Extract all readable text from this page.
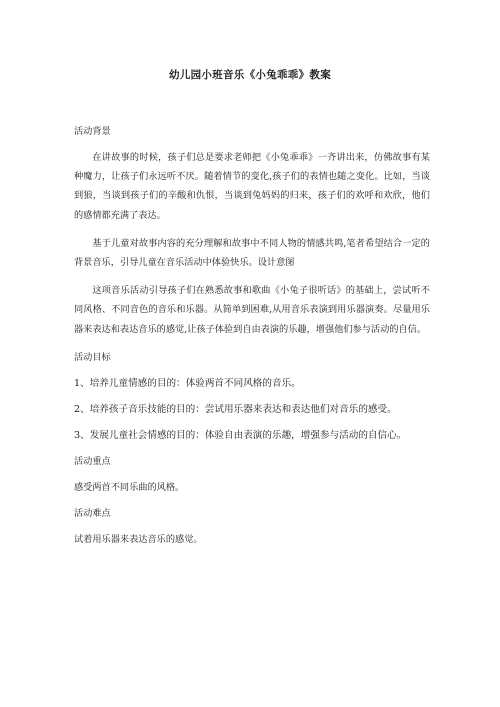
幼儿园小班音乐《小兔乖乖》教案

活动背景

在讲故事的时候，孩子们总是要求老师把《小兔乖乖》一齐讲出来，仿佛故事有某种魔力，让孩子们永远听不厌。随着情节的变化,孩子们的表情也随之变化。比如，当谈到狼，当谈到孩子们的辛酸和仇恨，当谈到兔妈妈的归来，孩子们的欢呼和欢欣，他们的感情都充满了表达。

基于儿童对故事内容的充分理解和故事中不同人物的情感共鸣,笔者希望结合一定的背景音乐，引导儿童在音乐活动中体验快乐。设计意图

这项音乐活动引导孩子们在熟悉故事和歌曲《小兔子很听话》的基础上，尝试听不同风格、不同音色的音乐和乐器。从简单到困难,从用音乐表演到用乐器演奏。尽量用乐器来表达和表达音乐的感觉,让孩子体验到自由表演的乐趣，增强他们参与活动的自信。

活动目标

1、培养儿童情感的目的：体验两首不同风格的音乐。

2、培养孩子音乐技能的目的：尝试用乐器来表达和表达他们对音乐的感受。

3、发展儿童社会情感的目的：体验自由表演的乐趣，增强参与活动的自信心。

活动重点

感受两首不同乐曲的风格。

活动难点

试着用乐器来表达音乐的感觉。
